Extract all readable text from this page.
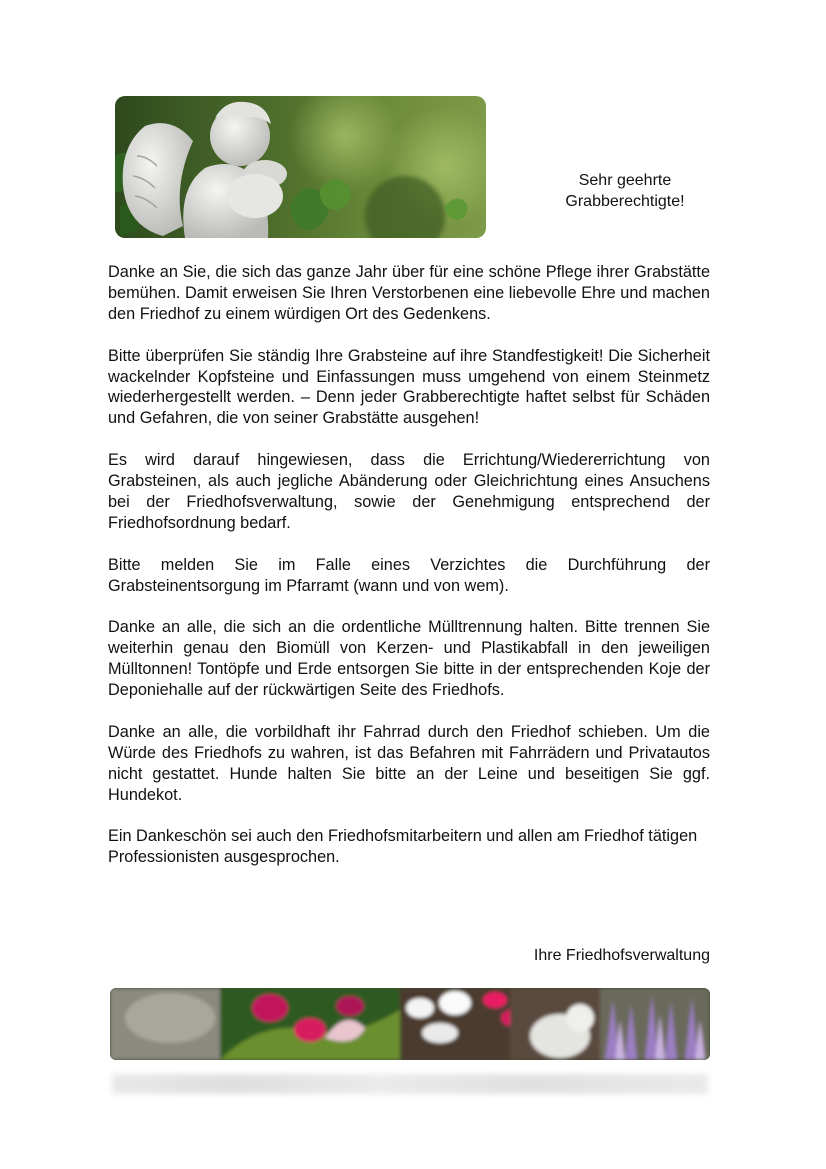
Sehr geehrte
Grabberechtigte!

Danke an Sie, die sich das ganze Jahr über für eine schöne Pflege ihrer Grabstätte bemühen. Damit erweisen Sie Ihren Verstorbenen eine liebevolle Ehre und machen den Friedhof zu einem würdigen Ort des Gedenkens.

Bitte überprüfen Sie ständig Ihre Grabsteine auf ihre Standfestigkeit! Die Sicherheit wackelnder Kopfsteine und Einfassungen muss umgehend von einem Steinmetz wiederhergestellt werden. – Denn jeder Grabberechtigte haftet selbst für Schäden und Gefahren, die von seiner Grabstätte ausgehen!

Es wird darauf hingewiesen, dass die Errichtung/Wiedererrichtung von Grabsteinen, als auch jegliche Abänderung oder Gleichrichtung eines Ansuchens bei der Friedhofsverwaltung, sowie der Genehmigung entsprechend der Friedhofsordnung bedarf.

Bitte melden Sie im Falle eines Verzichtes die Durchführung der Grabsteinentsorgung im Pfarramt (wann und von wem).

Danke an alle, die sich an die ordentliche Mülltrennung halten. Bitte trennen Sie weiterhin genau den Biomüll von Kerzen- und Plastikabfall in den jeweiligen Mülltonnen! Tontöpfe und Erde entsorgen Sie bitte in der entsprechenden Koje der Deponiehalle auf der rückwärtigen Seite des Friedhofs.

Danke an alle, die vorbildhaft ihr Fahrrad durch den Friedhof schieben. Um die Würde des Friedhofs zu wahren, ist das Befahren mit Fahrrädern und Privatautos nicht gestattet. Hunde halten Sie bitte an der Leine und beseitigen Sie ggf. Hundekot.

Ein Dankeschön sei auch den Friedhofsmitarbeitern und allen am Friedhof tätigen Professionisten ausgesprochen.

Ihre Friedhofsverwaltung
